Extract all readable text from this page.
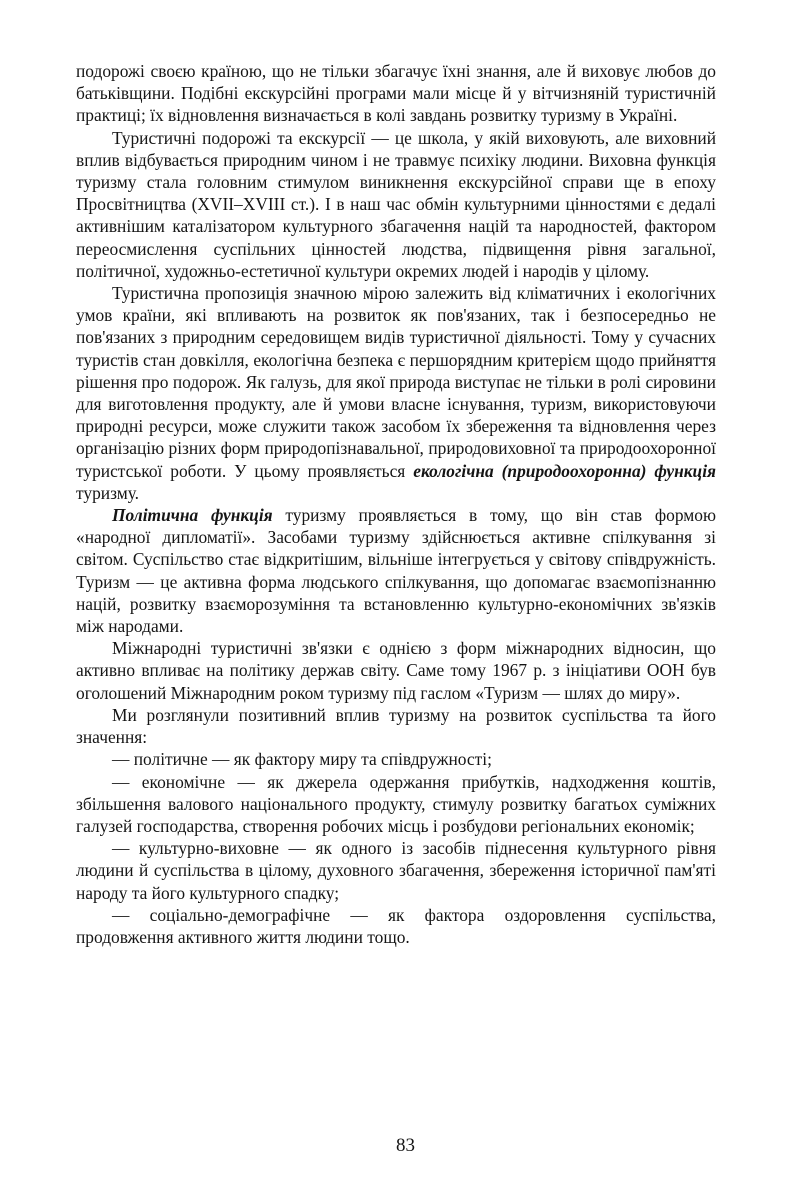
подорожі своєю країною, що не тільки збагачує їхні знання, але й виховує любов до батьківщини. Подібні екскурсійні програми мали місце й у вітчизняній туристичній практиці; їх відновлення визначається в колі завдань розвитку туризму в Україні.

Туристичні подорожі та екскурсії — це школа, у якій виховують, але виховний вплив відбувається природним чином і не травмує психіку людини. Виховна функція туризму стала головним стимулом виникнення екскурсійної справи ще в епоху Просвітництва (XVII–XVIII ст.). І в наш час обмін культурними цінностями є дедалі активнішим каталізатором культурного збагачення націй та народностей, фактором переосмислення суспільних цінностей людства, підвищення рівня загальної, політичної, художньо-естетичної культури окремих людей і народів у цілому.

Туристична пропозиція значною мірою залежить від кліматичних і екологічних умов країни, які впливають на розвиток як пов'язаних, так і безпосередньо не пов'язаних з природним середовищем видів туристичної діяльності. Тому у сучасних туристів стан довкілля, екологічна безпека є першорядним критерієм щодо прийняття рішення про подорож. Як галузь, для якої природа виступає не тільки в ролі сировини для виготовлення продукту, але й умови власне існування, туризм, використовуючи природні ресурси, може служити також засобом їх збереження та відновлення через організацію різних форм природопізнавальної, природовиховної та природоохоронної туристської роботи. У цьому проявляється екологічна (природоохоронна) функція туризму.

Політична функція туризму проявляється в тому, що він став формою «народної дипломатії». Засобами туризму здійснюється активне спілкування зі світом. Суспільство стає відкритішим, вільніше інтегрується у світову співдружність. Туризм — це активна форма людського спілкування, що допомагає взаємопізнанню націй, розвитку взаєморозуміння та встановленню культурно-економічних зв'язків між народами.

Міжнародні туристичні зв'язки є однією з форм міжнародних відносин, що активно впливає на політику держав світу. Саме тому 1967 р. з ініціативи ООН був оголошений Міжнародним роком туризму під гаслом «Туризм — шлях до миру».

Ми розглянули позитивний вплив туризму на розвиток суспільства та його значення:

— політичне — як фактору миру та співдружності;

— економічне — як джерела одержання прибутків, надходження коштів, збільшення валового національного продукту, стимулу розвитку багатьох суміжних галузей господарства, створення робочих місць і розбудови регіональних економік;

— культурно-виховне — як одного із засобів піднесення культурного рівня людини й суспільства в цілому, духовного збагачення, збереження історичної пам'яті народу та його культурного спадку;

— соціально-демографічне — як фактора оздоровлення суспільства, продовження активного життя людини тощо.

83
